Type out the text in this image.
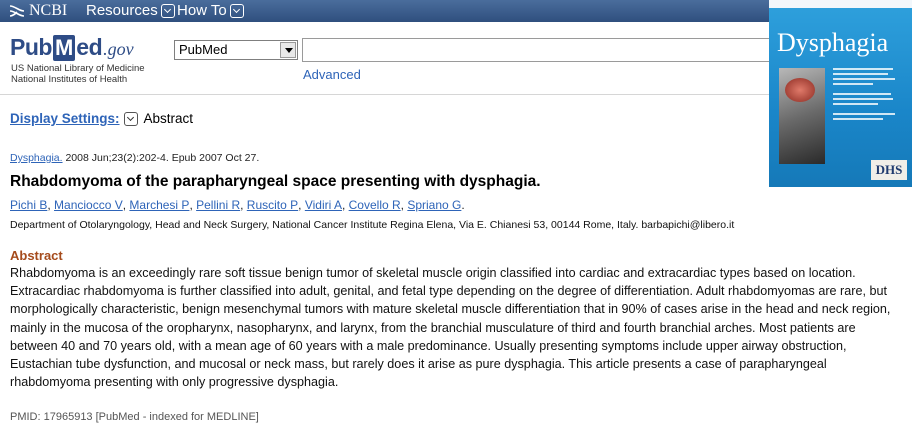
NCBI Resources How To
Pub M ed .gov
US National Library of Medicine
National Institutes of Health
PubMed
Advanced
Display Settings: Abstract
Dysphagia. 2008 Jun;23(2):202-4. Epub 2007 Oct 27.
Rhabdomyoma of the parapharyngeal space presenting with dysphagia.
Pichi B , Manciocco V , Marchesi P , Pellini R , Ruscito P , Vidiri A , Covello R , Spriano G .
Department of Otolaryngology, Head and Neck Surgery, National Cancer Institute Regina Elena, Via E. Chianesi 53, 00144 Rome, Italy. barbapichi@libero.it
Abstract
Rhabdomyoma is an exceedingly rare soft tissue benign tumor of skeletal muscle origin classified into cardiac and extracardiac types based on location. Extracardiac rhabdomyoma is further classified into adult, genital, and fetal type depending on the degree of differentiation. Adult rhabdomyomas are rare, but morphologically characteristic, benign mesenchymal tumors with mature skeletal muscle differentiation that in 90% of cases arise in the head and neck region, mainly in the mucosa of the oropharynx, nasopharynx, and larynx, from the branchial musculature of third and fourth branchial arches. Most patients are between 40 and 70 years old, with a mean age of 60 years with a male predominance. Usually presenting symptoms include upper airway obstruction, Eustachian tube dysfunction, and mucosal or neck mass, but rarely does it arise as pure dysphagia. This article presents a case of parapharyngeal rhabdomyoma presenting with only progressive dysphagia.
PMID: 17965913 [PubMed - indexed for MEDLINE]
Dysphagia
DHS
